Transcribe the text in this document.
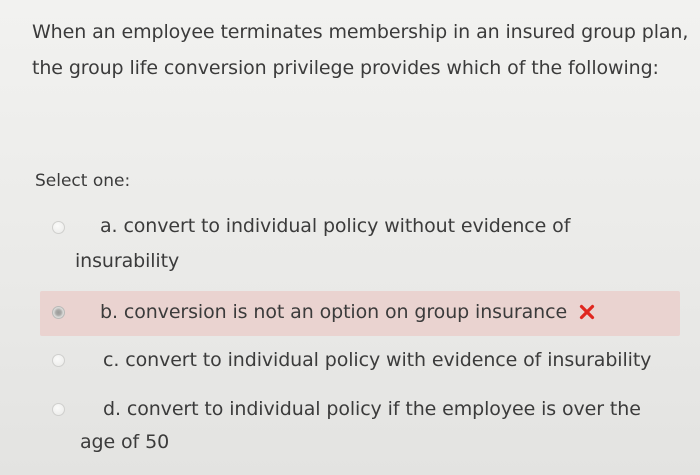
When an employee terminates membership in an insured group plan, the group life conversion privilege provides which of the following:
Select one:
a. convert to individual policy without evidence of
insurability
b. conversion is not an option on group insurance
c. convert to individual policy with evidence of insurability
d. convert to individual policy if the employee is over the
age of 50
